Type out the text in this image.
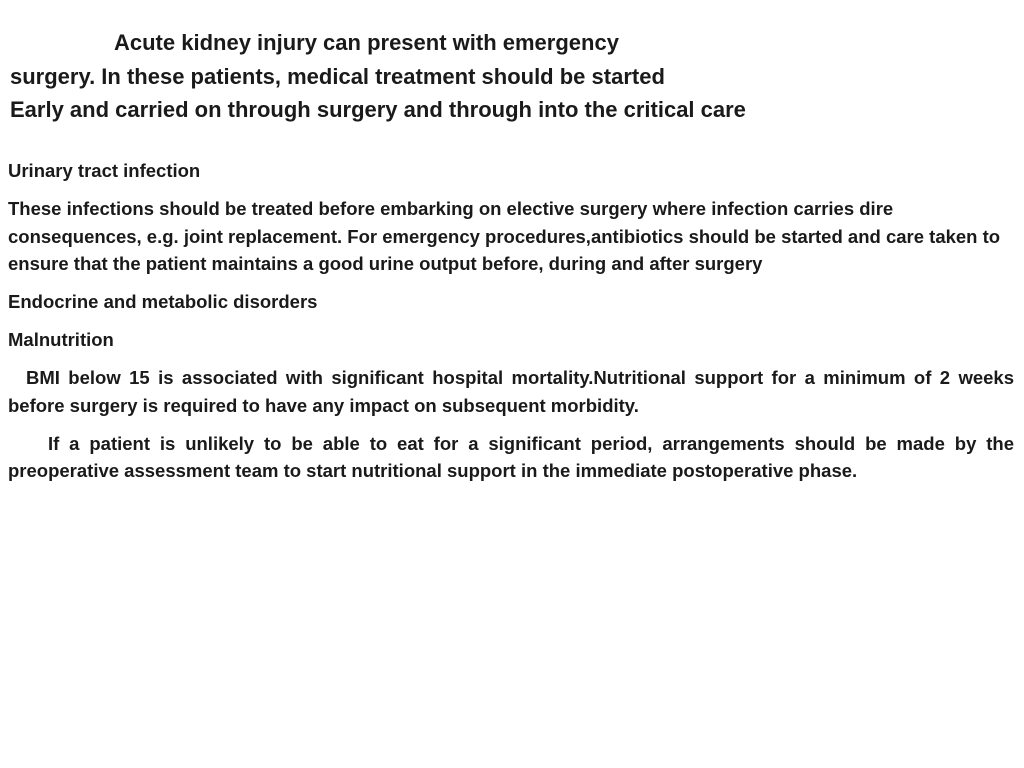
Acute kidney injury can present with emergency
surgery. In these patients, medical treatment should be started
Early and carried on through surgery and through into the critical care
Urinary tract infection

These infections should be treated before embarking on elective surgery where infection carries dire consequences, e.g. joint replacement. For emergency procedures,antibiotics should be started and care taken to ensure that the patient maintains a good urine output before, during and after surgery

Endocrine and metabolic disorders
Malnutrition

BMI below 15 is associated with significant hospital mortality.Nutritional support for a minimum of 2 weeks before surgery is required to have any impact on subsequent morbidity.

If a patient is unlikely to be able to eat for a significant period, arrangements should be made by the preoperative assessment team to start nutritional support in the immediate postoperative phase.
